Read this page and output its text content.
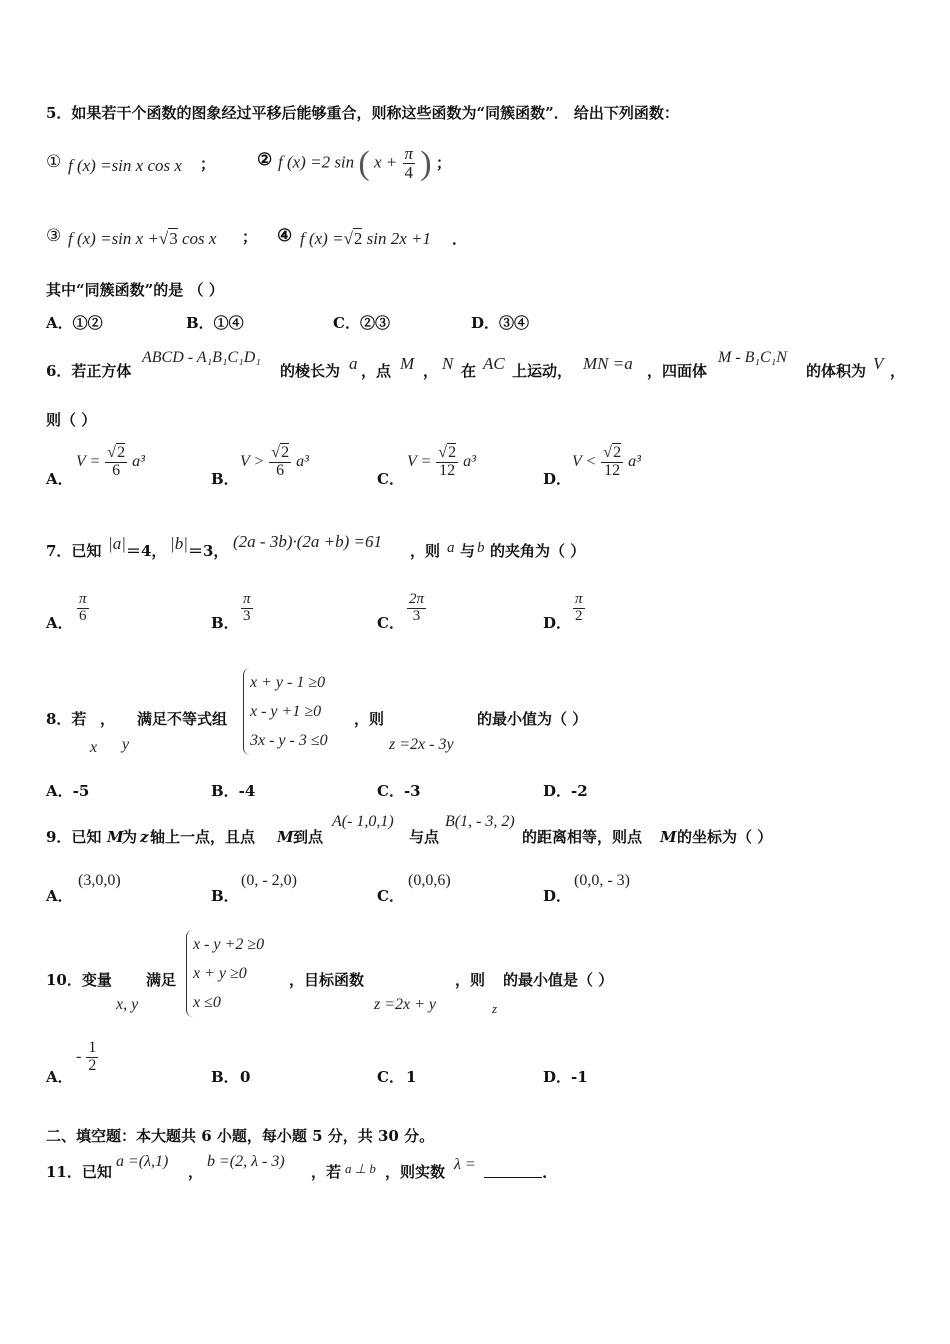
5．如果若干个函数的图象经过平移后能够重合，则称这些函数为“同簇函数”． 给出下列函数：
① f (x) =sin x cos x ； ② f (x) =2 sin ( $x + \frac{\pi}{4}$ ) ；
③ f (x) =sin x +√3 cos x ； ④ f (x) =√2 sin 2x +1 ．
其中“同簇函数”的是 （ ）
A．①②	B．①④	C．②③	D．③④
6．若正方体
ABCD - A₁B₁C₁D₁
的棱长为 a ，点 M ， N 在 AC 上运动， MN =a ，四面体
M - B₁C₁N
的体积为 V ，
则（ ）
A．
$V = \frac{√2}{6} a^3$
B．
$V > \frac{√2}{6} a^3$
C．
$V = \frac{√2}{12} a^3$
D．
$V < \frac{√2}{12} a^3$
7．已知 |a| ＝4， |b| ＝3， (2a - 3b)·(2a +b) =61 ，则 a 与 b 的夹角为（ ）
A． $\frac{\pi}{6}$	B． $\frac{\pi}{3}$	C． $\frac{2\pi}{3}$	D． $\frac{\pi}{2}$
8．若 ， 满足不等式组
x y
x + y - 1 ≥0
x - y +1 ≥0
3x - y - 3 ≤0
，则
z =2x - 3y
的最小值为（ ）
A．-5	B．-4	C．-3	D．-2
9．已知 M
为 z 轴上一点，且点 M 到点
A(- 1,0,1)
与点
B(1, - 3, 2)
的距离相等，则点 M 的坐标为（ ）
A．
(3,0,0)
B．
(0, - 2,0)
C．
(0,0,6)
D．
(0,0, - 3)
10．变量 满足
x, y
x - y +2 ≥0
x + y ≥0
x ≤0
，目标函数
z =2x + y
，则
z
的最小值是（ ）
A．
- $\frac{1}{2}$
B． 0	C． 1	D． -1
二、填空题：本大题共 6 小题，每小题 5 分，共 30 分。
11．已知
a =(λ,1)
，
b =(2, λ - 3)
，若 a ⊥ b ，则实数 λ =	.
